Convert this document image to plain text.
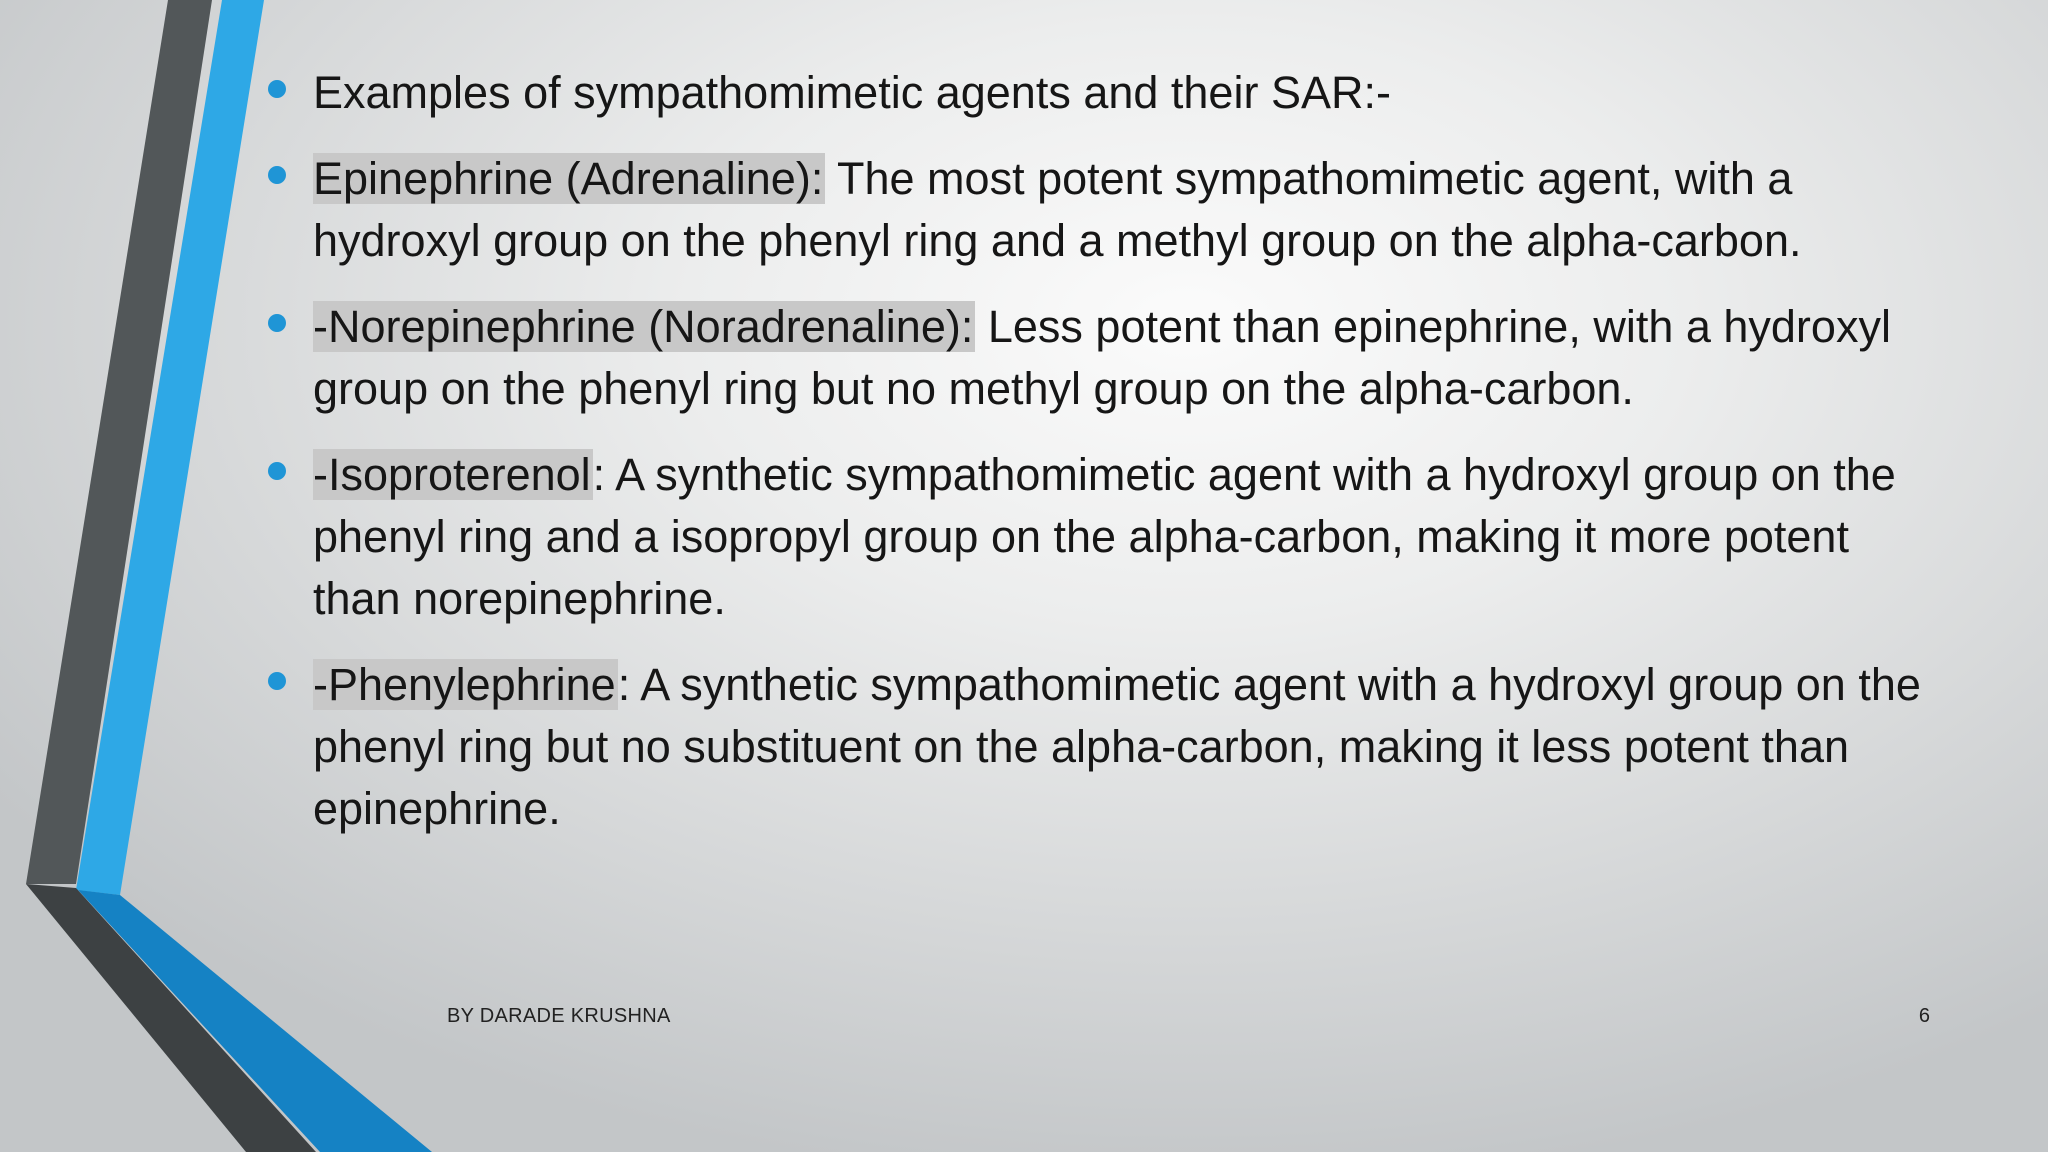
Examples of sympathomimetic agents and their SAR:-
Epinephrine (Adrenaline): The most potent sympathomimetic agent, with a hydroxyl group on the phenyl ring and a methyl group on the alpha-carbon.
-Norepinephrine (Noradrenaline): Less potent than epinephrine, with a hydroxyl group on the phenyl ring but no methyl group on the alpha-carbon.
-Isoproterenol: A synthetic sympathomimetic agent with a hydroxyl group on the phenyl ring and a isopropyl group on the alpha-carbon, making it more potent than norepinephrine.
-Phenylephrine: A synthetic sympathomimetic agent with a hydroxyl group on the phenyl ring but no substituent on the alpha-carbon, making it less potent than epinephrine.
BY DARADE KRUSHNA	6
